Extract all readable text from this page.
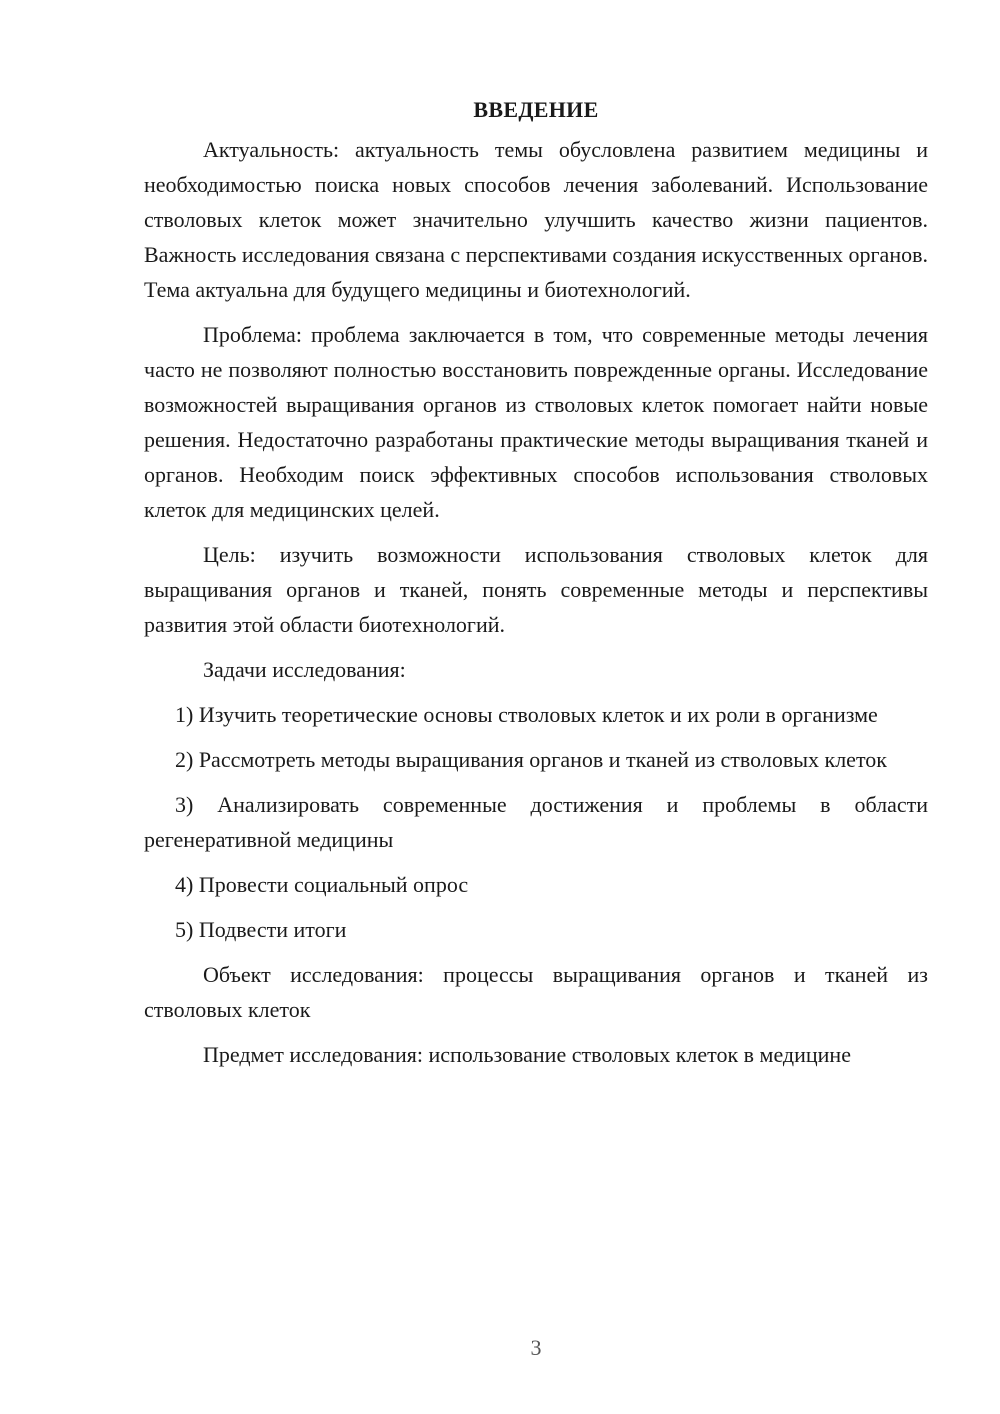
ВВЕДЕНИЕ

Актуальность: актуальность темы обусловлена развитием медицины и необходимостью поиска новых способов лечения заболеваний. Использование стволовых клеток может значительно улучшить качество жизни пациентов. Важность исследования связана с перспективами создания искусственных органов. Тема актуальна для будущего медицины и биотехнологий.

Проблема: проблема заключается в том, что современные методы лечения часто не позволяют полностью восстановить поврежденные органы. Исследование возможностей выращивания органов из стволовых клеток помогает найти новые решения. Недостаточно разработаны практические методы выращивания тканей и органов. Необходим поиск эффективных способов использования стволовых клеток для медицинских целей.

Цель: изучить возможности использования стволовых клеток для выращивания органов и тканей, понять современные методы и перспективы развития этой области биотехнологий.

Задачи исследования:

1) Изучить теоретические основы стволовых клеток и их роли в организме

2) Рассмотреть методы выращивания органов и тканей из стволовых клеток

3) Анализировать современные достижения и проблемы в области регенеративной медицины

4) Провести социальный опрос

5) Подвести итоги

Объект исследования: процессы выращивания органов и тканей из стволовых клеток

Предмет исследования: использование стволовых клеток в медицине

3
